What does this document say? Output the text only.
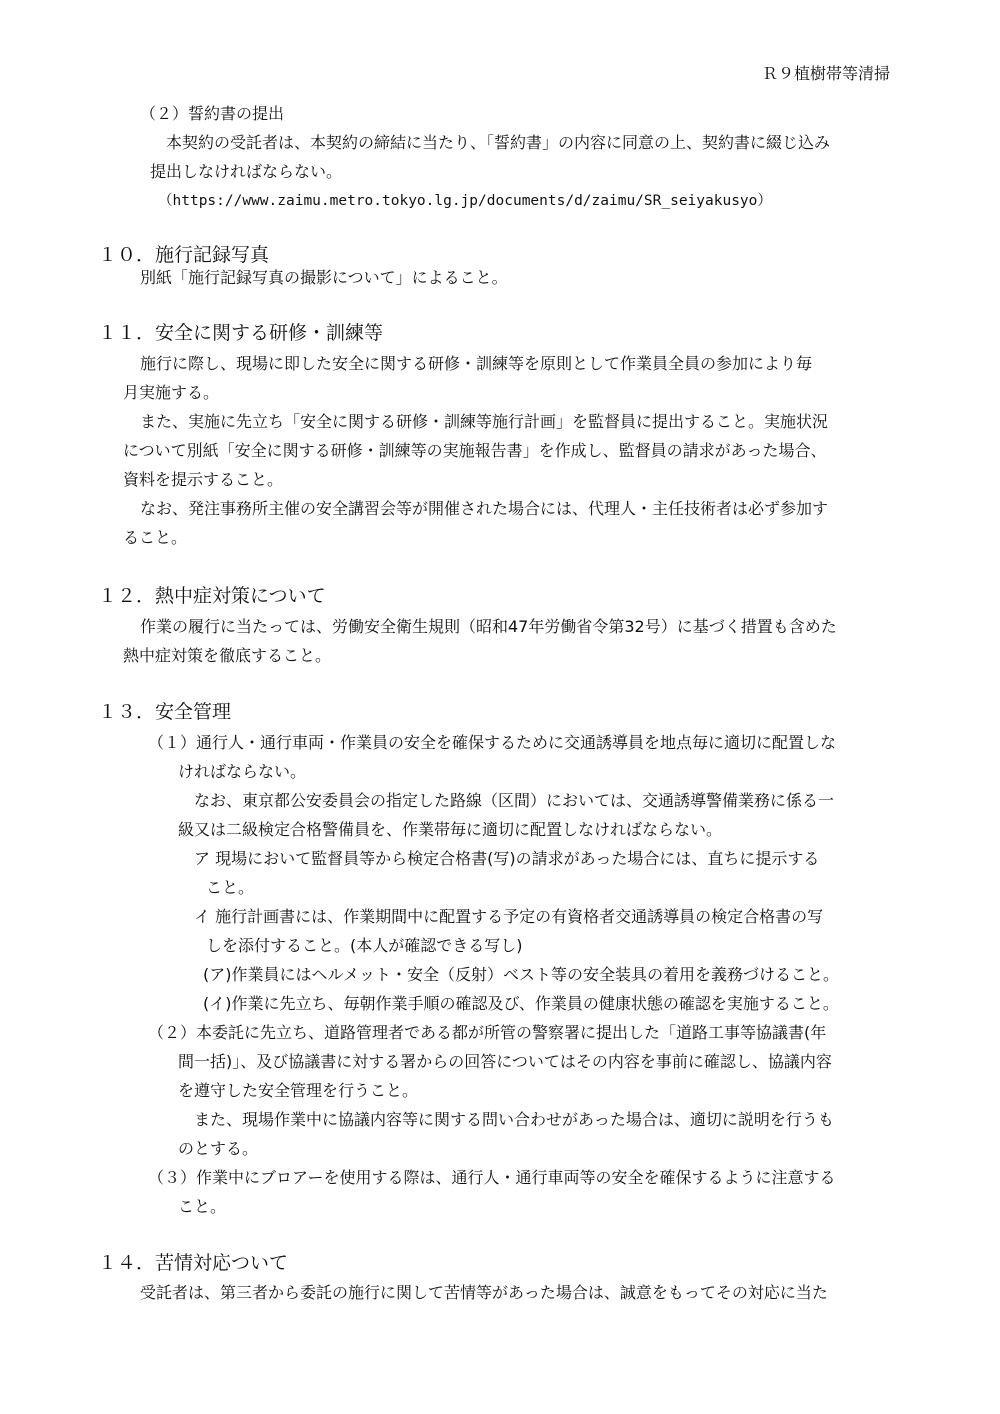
Ｒ９植樹帯等清掃
（２）誓約書の提出
本契約の受託者は、本契約の締結に当たり、「誓約書」の内容に同意の上、契約書に綴じ込み
提出しなければならない。
（https://www.zaimu.metro.tokyo.lg.jp/documents/d/zaimu/SR_seiyakusyo）
１０．施行記録写真
別紙「施行記録写真の撮影について」によること。
１１．安全に関する研修・訓練等
施行に際し、現場に即した安全に関する研修・訓練等を原則として作業員全員の参加により毎
月実施する。
また、実施に先立ち「安全に関する研修・訓練等施行計画」を監督員に提出すること。実施状況
について別紙「安全に関する研修・訓練等の実施報告書」を作成し、監督員の請求があった場合、
資料を提示すること。
なお、発注事務所主催の安全講習会等が開催された場合には、代理人・主任技術者は必ず参加す
ること。
１２．熱中症対策について
作業の履行に当たっては、労働安全衛生規則（昭和47年労働省令第32号）に基づく措置も含めた
熱中症対策を徹底すること。
１３．安全管理
（１）通行人・通行車両・作業員の安全を確保するために交通誘導員を地点毎に適切に配置しな
ければならない。
なお、東京都公安委員会の指定した路線（区間）においては、交通誘導警備業務に係る一
級又は二級検定合格警備員を、作業帯毎に適切に配置しなければならない。
ア 現場において監督員等から検定合格書(写)の請求があった場合には、直ちに提示する
こと。
イ 施行計画書には、作業期間中に配置する予定の有資格者交通誘導員の検定合格書の写
しを添付すること。(本人が確認できる写し)
(ア)作業員にはヘルメット・安全（反射）ベスト等の安全装具の着用を義務づけること。
(イ)作業に先立ち、毎朝作業手順の確認及び、作業員の健康状態の確認を実施すること。
（２）本委託に先立ち、道路管理者である都が所管の警察署に提出した「道路工事等協議書(年
間一括)」、及び協議書に対する署からの回答についてはその内容を事前に確認し、協議内容
を遵守した安全管理を行うこと。
また、現場作業中に協議内容等に関する問い合わせがあった場合は、適切に説明を行うも
のとする。
（３）作業中にブロアーを使用する際は、通行人・通行車両等の安全を確保するように注意する
こと。
１４．苦情対応ついて
受託者は、第三者から委託の施行に関して苦情等があった場合は、誠意をもってその対応に当た
